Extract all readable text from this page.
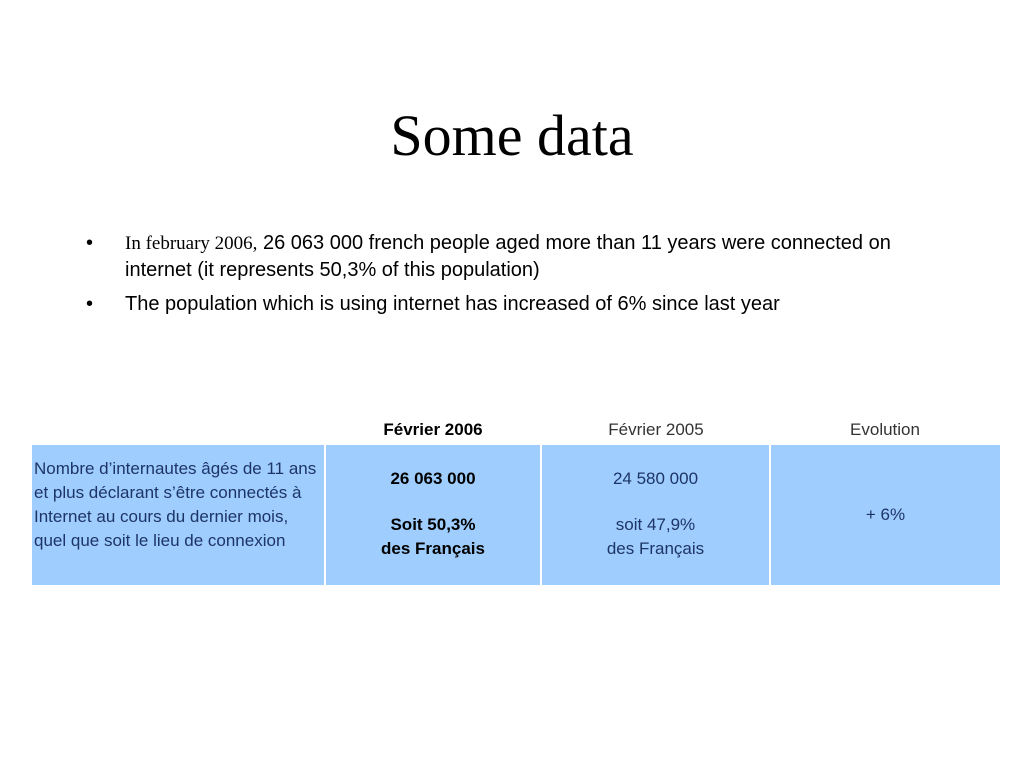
Some data
• In february 2006, 26 063 000 french people aged more than 11 years were connected on internet (it represents 50,3% of this population)
• The population which is using internet has increased of 6% since last year
Février 2006	Février 2005	Evolution
Nombre d’internautes âgés de 11 ans et plus déclarant s’être connectés à Internet au cours du dernier mois, quel que soit le lieu de connexion
26 063 000
Soit 50,3%
des Français
24 580 000
soit 47,9%
des Français
+ 6%
